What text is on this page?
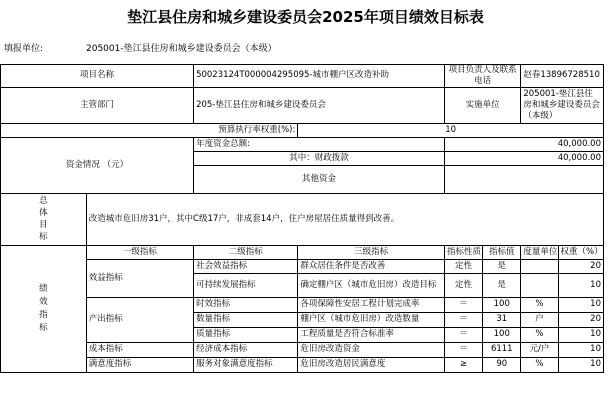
垫江县住房和城乡建设委员会2025年项目绩效目标表
填报单位:	205001-垫江县住房和城乡建设委员会（本级）

项目名称		50023124T000004295095-城市棚户区改造补助		项目负责人及联系电话		赵春13896728510	
主管部门		205-垫江县住房和城乡建设委员会		实施单位		205001-垫江县住房和城乡建设委员会（本级）	
预算执行率权重(%):			10				
资金情况 （元）		年度资金总额:		40,000.00			
		其中：财政拨款		40,000.00			
		其他资金					

总体目标	改造城市危旧房31户，其中C级17户，非成套14户，住户房屋居住质量得到改善。						

绩效指标	一级指标	二级指标	三级指标	指标性质	指标值	度量单位	权重（%）
	效益指标	社会效益指标	群众居住条件是否改善	定性	是		20
		可持续发展指标	确定棚户区（城市危旧房）改造目标	定性	是		10
	产出指标	时效指标	各项保障性安居工程计划完成率	＝	100	%	10
		数量指标	棚户区（城市危旧房）改造数量	＝	31	户	20
		质量指标	工程质量是否符合标准率	＝	100	%	10
	成本指标	经济成本指标	危旧房改造资金	＝	6111	元/户	10
	满意度指标	服务对象满意度指标	危旧房改造居民满意度	≥	90	%	10
